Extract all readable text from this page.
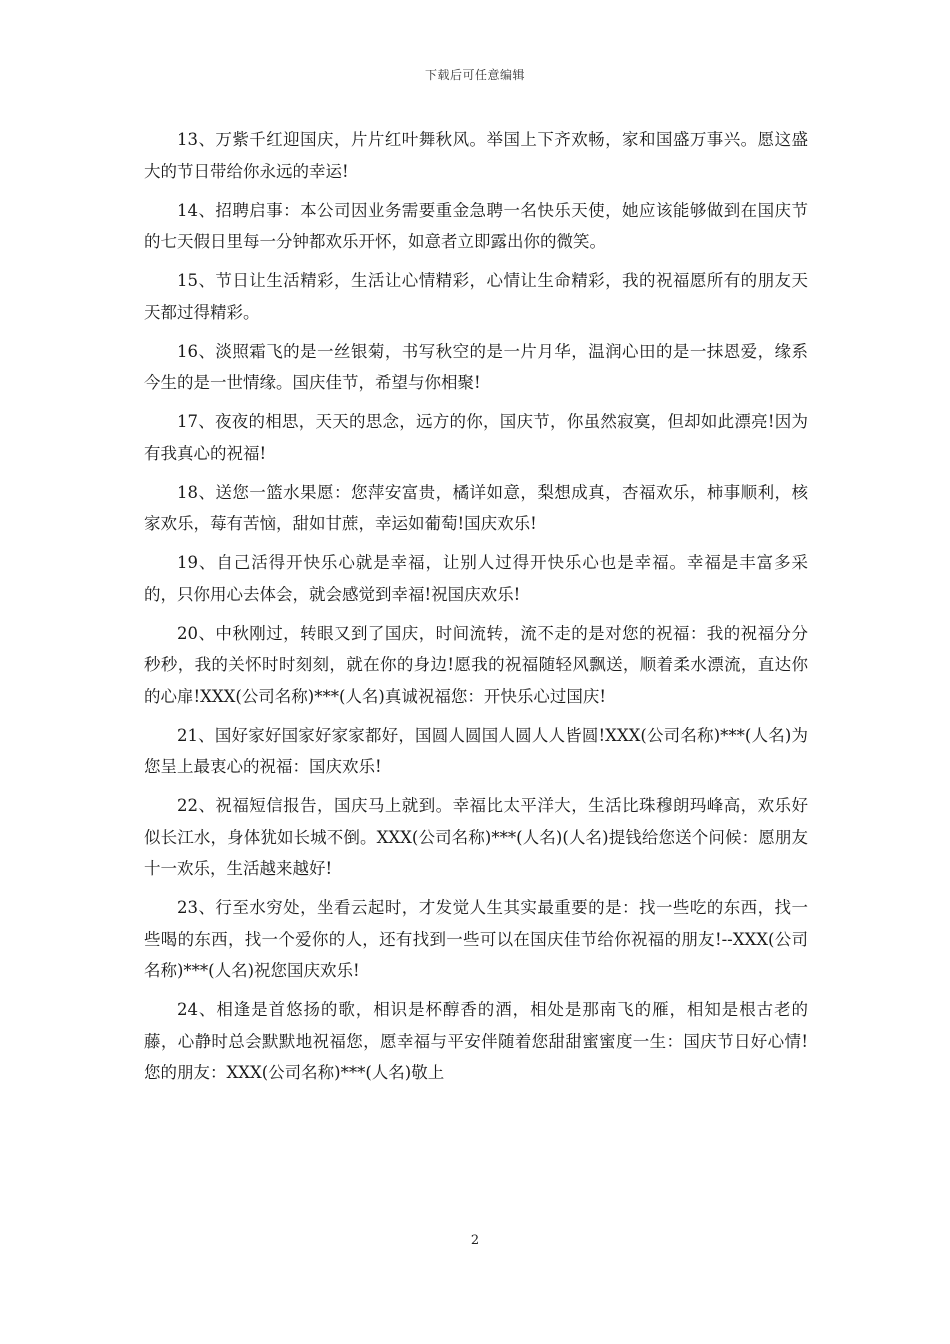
下载后可任意编辑

13、万紫千红迎国庆，片片红叶舞秋风。举国上下齐欢畅，家和国盛万事兴。愿这盛大的节日带给你永远的幸运!

14、招聘启事：本公司因业务需要重金急聘一名快乐天使，她应该能够做到在国庆节的七天假日里每一分钟都欢乐开怀，如意者立即露出你的微笑。

15、节日让生活精彩，生活让心情精彩，心情让生命精彩，我的祝福愿所有的朋友天天都过得精彩。

16、淡照霜飞的是一丝银菊，书写秋空的是一片月华，温润心田的是一抹恩爱，缘系今生的是一世情缘。国庆佳节，希望与你相聚!

17、夜夜的相思，天天的思念，远方的你，国庆节，你虽然寂寞，但却如此漂亮!因为有我真心的祝福!

18、送您一篮水果愿：您萍安富贵，橘详如意，梨想成真，杏福欢乐，柿事顺利，核家欢乐，莓有苦恼，甜如甘蔗，幸运如葡萄!国庆欢乐!

19、自己活得开快乐心就是幸福，让别人过得开快乐心也是幸福。幸福是丰富多采的，只你用心去体会，就会感觉到幸福!祝国庆欢乐!

20、中秋刚过，转眼又到了国庆，时间流转，流不走的是对您的祝福：我的祝福分分秒秒，我的关怀时时刻刻，就在你的身边!愿我的祝福随轻风飘送，顺着柔水漂流，直达你的心扉!XXX(公司名称)***(人名)真诚祝福您：开快乐心过国庆!

21、国好家好国家好家家都好，国圆人圆国人圆人人皆圆!XXX(公司名称)***(人名)为您呈上最衷心的祝福：国庆欢乐!

22、祝福短信报告，国庆马上就到。幸福比太平洋大，生活比珠穆朗玛峰高，欢乐好似长江水，身体犹如长城不倒。XXX(公司名称)***(人名)(人名)提钱给您送个问候：愿朋友十一欢乐，生活越来越好!

23、行至水穷处，坐看云起时，才发觉人生其实最重要的是：找一些吃的东西，找一些喝的东西，找一个爱你的人，还有找到一些可以在国庆佳节给你祝福的朋友!--XXX(公司名称)***(人名)祝您国庆欢乐!

24、相逢是首悠扬的歌，相识是杯醇香的酒，相处是那南飞的雁，相知是根古老的藤，心静时总会默默地祝福您，愿幸福与平安伴随着您甜甜蜜蜜度一生：国庆节日好心情!您的朋友：XXX(公司名称)***(人名)敬上

2
